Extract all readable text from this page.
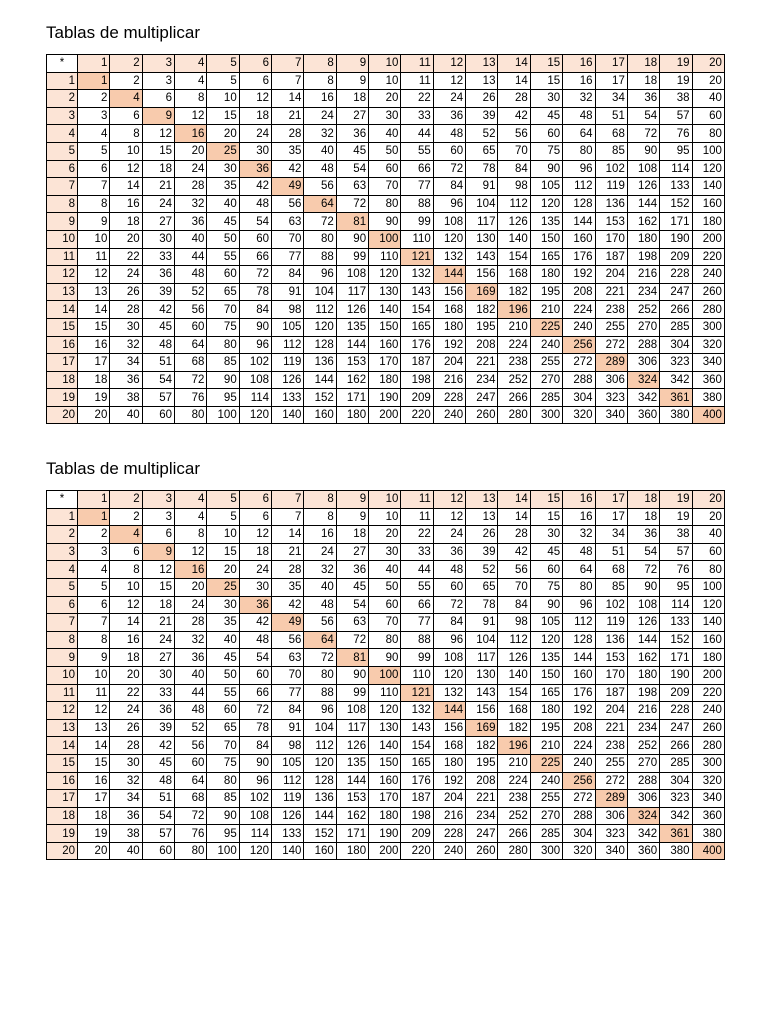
Tablas de multiplicar
*	1	2	3	4	5	6	7	8	9	10	11	12	13	14	15	16	17	18	19	20
1	1	2	3	4	5	6	7	8	9	10	11	12	13	14	15	16	17	18	19	20
2	2	4	6	8	10	12	14	16	18	20	22	24	26	28	30	32	34	36	38	40
3	3	6	9	12	15	18	21	24	27	30	33	36	39	42	45	48	51	54	57	60
4	4	8	12	16	20	24	28	32	36	40	44	48	52	56	60	64	68	72	76	80
5	5	10	15	20	25	30	35	40	45	50	55	60	65	70	75	80	85	90	95	100
6	6	12	18	24	30	36	42	48	54	60	66	72	78	84	90	96	102	108	114	120
7	7	14	21	28	35	42	49	56	63	70	77	84	91	98	105	112	119	126	133	140
8	8	16	24	32	40	48	56	64	72	80	88	96	104	112	120	128	136	144	152	160
9	9	18	27	36	45	54	63	72	81	90	99	108	117	126	135	144	153	162	171	180
10	10	20	30	40	50	60	70	80	90	100	110	120	130	140	150	160	170	180	190	200
11	11	22	33	44	55	66	77	88	99	110	121	132	143	154	165	176	187	198	209	220
12	12	24	36	48	60	72	84	96	108	120	132	144	156	168	180	192	204	216	228	240
13	13	26	39	52	65	78	91	104	117	130	143	156	169	182	195	208	221	234	247	260
14	14	28	42	56	70	84	98	112	126	140	154	168	182	196	210	224	238	252	266	280
15	15	30	45	60	75	90	105	120	135	150	165	180	195	210	225	240	255	270	285	300
16	16	32	48	64	80	96	112	128	144	160	176	192	208	224	240	256	272	288	304	320
17	17	34	51	68	85	102	119	136	153	170	187	204	221	238	255	272	289	306	323	340
18	18	36	54	72	90	108	126	144	162	180	198	216	234	252	270	288	306	324	342	360
19	19	38	57	76	95	114	133	152	171	190	209	228	247	266	285	304	323	342	361	380
20	20	40	60	80	100	120	140	160	180	200	220	240	260	280	300	320	340	360	380	400
Tablas de multiplicar
*	1	2	3	4	5	6	7	8	9	10	11	12	13	14	15	16	17	18	19	20
1	1	2	3	4	5	6	7	8	9	10	11	12	13	14	15	16	17	18	19	20
2	2	4	6	8	10	12	14	16	18	20	22	24	26	28	30	32	34	36	38	40
3	3	6	9	12	15	18	21	24	27	30	33	36	39	42	45	48	51	54	57	60
4	4	8	12	16	20	24	28	32	36	40	44	48	52	56	60	64	68	72	76	80
5	5	10	15	20	25	30	35	40	45	50	55	60	65	70	75	80	85	90	95	100
6	6	12	18	24	30	36	42	48	54	60	66	72	78	84	90	96	102	108	114	120
7	7	14	21	28	35	42	49	56	63	70	77	84	91	98	105	112	119	126	133	140
8	8	16	24	32	40	48	56	64	72	80	88	96	104	112	120	128	136	144	152	160
9	9	18	27	36	45	54	63	72	81	90	99	108	117	126	135	144	153	162	171	180
10	10	20	30	40	50	60	70	80	90	100	110	120	130	140	150	160	170	180	190	200
11	11	22	33	44	55	66	77	88	99	110	121	132	143	154	165	176	187	198	209	220
12	12	24	36	48	60	72	84	96	108	120	132	144	156	168	180	192	204	216	228	240
13	13	26	39	52	65	78	91	104	117	130	143	156	169	182	195	208	221	234	247	260
14	14	28	42	56	70	84	98	112	126	140	154	168	182	196	210	224	238	252	266	280
15	15	30	45	60	75	90	105	120	135	150	165	180	195	210	225	240	255	270	285	300
16	16	32	48	64	80	96	112	128	144	160	176	192	208	224	240	256	272	288	304	320
17	17	34	51	68	85	102	119	136	153	170	187	204	221	238	255	272	289	306	323	340
18	18	36	54	72	90	108	126	144	162	180	198	216	234	252	270	288	306	324	342	360
19	19	38	57	76	95	114	133	152	171	190	209	228	247	266	285	304	323	342	361	380
20	20	40	60	80	100	120	140	160	180	200	220	240	260	280	300	320	340	360	380	400
